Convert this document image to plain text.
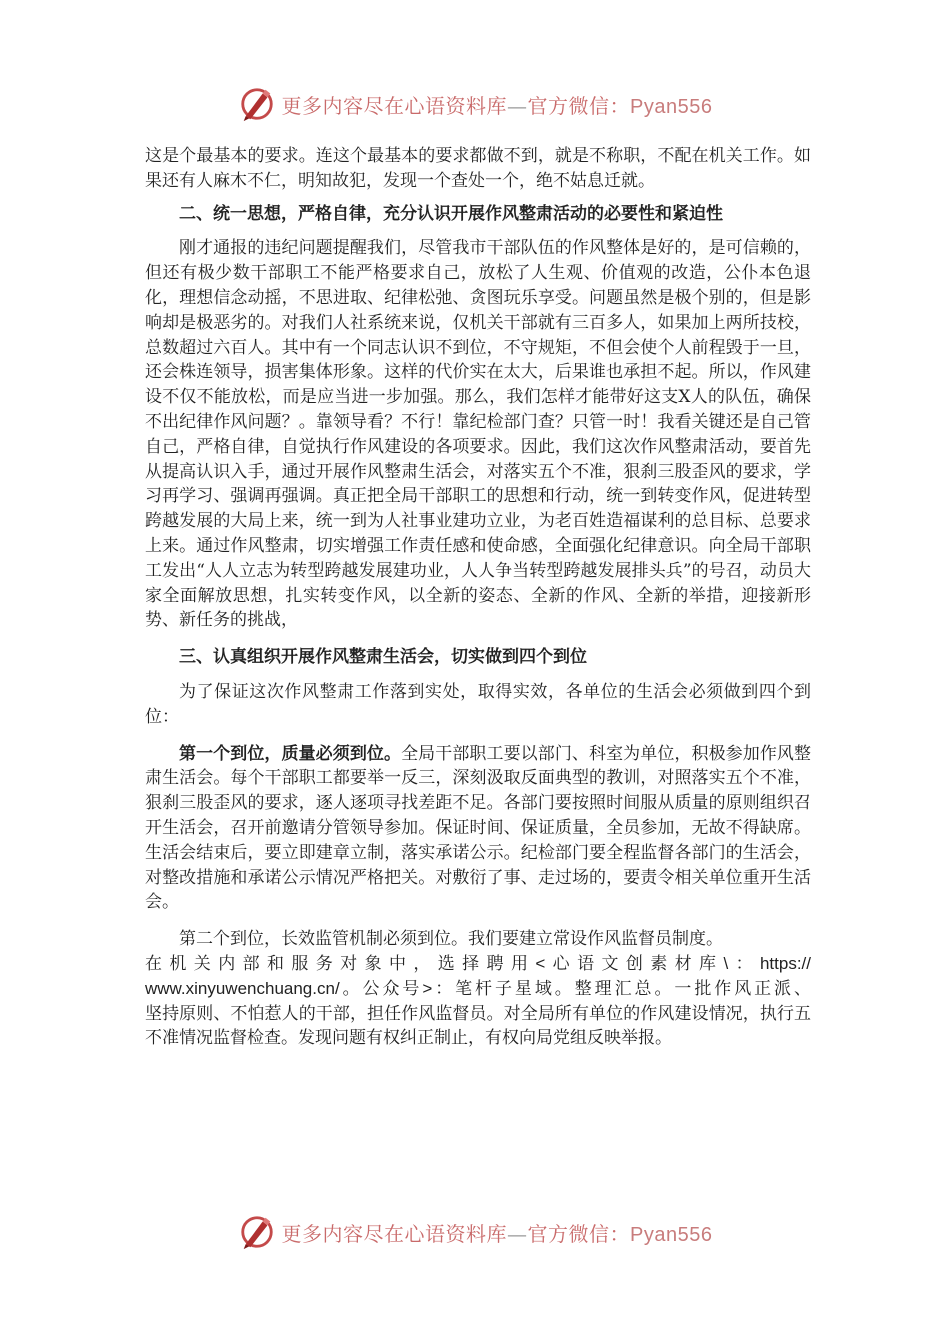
更多内容尽在心语资料库—官方微信：Pyan556

这是个最基本的要求。连这个最基本的要求都做不到，就是不称职，不配在机关工作。如果还有人麻木不仁，明知故犯，发现一个查处一个，绝不姑息迁就。

二、统一思想，严格自律，充分认识开展作风整肃活动的必要性和紧迫性

刚才通报的违纪问题提醒我们，尽管我市干部队伍的作风整体是好的，是可信赖的，但还有极少数干部职工不能严格要求自己，放松了人生观、价值观的改造，公仆本色退化，理想信念动摇，不思进取、纪律松弛、贪图玩乐享受。问题虽然是极个别的，但是影响却是极恶劣的。对我们人社系统来说，仅机关干部就有三百多人，如果加上两所技校，总数超过六百人。其中有一个同志认识不到位，不守规矩，不但会使个人前程毁于一旦，还会株连领导，损害集体形象。这样的代价实在太大，后果谁也承担不起。所以，作风建设不仅不能放松，而是应当进一步加强。那么，我们怎样才能带好这支X人的队伍，确保不出纪律作风问题？。靠领导看？不行！靠纪检部门查？只管一时！我看关键还是自己管自己，严格自律，自觉执行作风建设的各项要求。因此，我们这次作风整肃活动，要首先从提高认识入手，通过开展作风整肃生活会，对落实五个不准，狠刹三股歪风的要求，学习再学习、强调再强调。真正把全局干部职工的思想和行动，统一到转变作风，促进转型跨越发展的大局上来，统一到为人社事业建功立业，为老百姓造福谋利的总目标、总要求上来。通过作风整肃，切实增强工作责任感和使命感，全面强化纪律意识。向全局干部职工发出“人人立志为转型跨越发展建功业，人人争当转型跨越发展排头兵”的号召，动员大家全面解放思想，扎实转变作风，以全新的姿态、全新的作风、全新的举措，迎接新形势、新任务的挑战，

三、认真组织开展作风整肃生活会，切实做到四个到位

为了保证这次作风整肃工作落到实处，取得实效，各单位的生活会必须做到四个到位：

第一个到位，质量必须到位。全局干部职工要以部门、科室为单位，积极参加作风整肃生活会。每个干部职工都要举一反三，深刻汲取反面典型的教训，对照落实五个不准，狠刹三股歪风的要求，逐人逐项寻找差距不足。各部门要按照时间服从质量的原则组织召开生活会，召开前邀请分管领导参加。保证时间、保证质量，全员参加，无故不得缺席。生活会结束后，要立即建章立制，落实承诺公示。纪检部门要全程监督各部门的生活会，对整改措施和承诺公示情况严格把关。对敷衍了事、走过场的，要责令相关单位重开生活会。

第二个到位，长效监管机制必须到位。我们要建立常设作风监督员制度。

在机关内部和服务对象中，选择聘用<心语文创素材库\：https://

www.xinyuwenchuang.cn/。公众号>：笔杆子星域。整理汇总。一批作风正派、

坚持原则、不怕惹人的干部，担任作风监督员。对全局所有单位的作风建设情况，执行五不准情况监督检查。发现问题有权纠正制止，有权向局党组反映举报。

更多内容尽在心语资料库—官方微信：Pyan556
